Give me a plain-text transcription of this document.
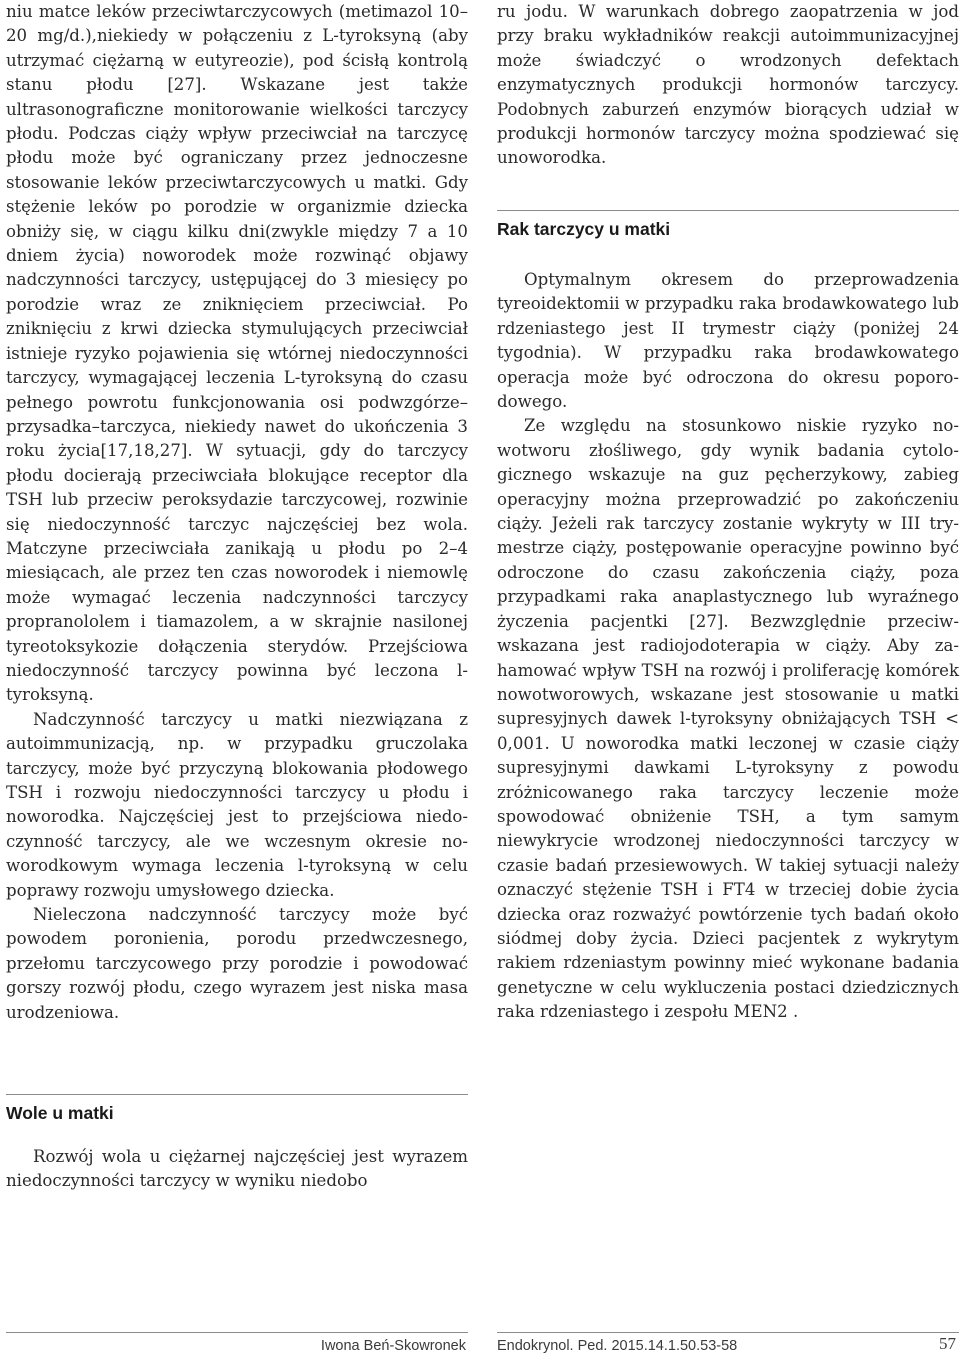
niu matce leków przeciwtarczycowych (metimazol 10–20 mg/d.),niekiedy w połączeniu z L-tyroksyną (aby utrzymać ciężarną w eutyreozie), pod ścisłą kontrolą stanu płodu [27]. Wskazane jest także ultrasonograficzne monitorowanie wielkości tarczycy płodu. Podczas ciąży wpływ przeciwciał na tarczycę płodu może być ograniczany przez jednoczesne stosowanie leków przeciwtarczycowych u matki. Gdy stężenie leków po porodzie w organizmie dziecka obniży się, w ciągu kilku dni(zwykle między 7 a 10 dniem życia) noworodek może rozwinąć objawy nadczynności tarczycy, ustępującej do 3 miesięcy po porodzie wraz ze zniknięciem przeciwciał. Po zniknięciu z krwi dziecka stymulujących przeciwciał istnieje ryzyko pojawienia się wtórnej niedoczynności tarczycy, wymagającej leczenia L-tyroksyną do czasu pełnego powrotu funkcjonowania osi podwzgórze–przysadka–tarczyca, niekiedy nawet do ukończenia 3 roku życia[17,18,27]. W sytuacji, gdy do tarczycy płodu docierają przeciwciała blokujące receptor dla TSH lub przeciw peroksydazie tarczycowej, rozwinie się niedoczynność tarczyc najczęściej bez wola. Matczyne przeciwciała zanikają u płodu po 2–4 miesiącach, ale przez ten czas noworodek i niemowlę może wymagać leczenia nadczynności tarczycy propranololem i tiamazolem, a w skrajnie nasilonej tyreotoksykozie dołączenia sterydów. Przejściowa niedoczynność tarczycy powinna być leczona l-tyroksyną.

Nadczynność tarczycy u matki niezwiązana z autoimmunizacją, np. w przypadku gruczolaka tarczycy, może być przyczyną blokowania płodowego TSH i rozwoju niedoczynności tarczycy u płodu i noworodka. Najczęściej jest to przejściowa niedoczynność tarczycy, ale we wczesnym okresie noworodkowym wymaga leczenia l-tyroksyną w celu poprawy rozwoju umysłowego dziecka.

Nieleczona nadczynność tarczycy może być powodem poronienia, porodu przedwczesnego, przełomu tarczycowego przy porodzie i powodować gorszy rozwój płodu, czego wyrazem jest niska masa urodzeniowa.

ru jodu. W warunkach dobrego zaopatrzenia w jod przy braku wykładników reakcji autoimmunizacyjnej może świadczyć o wrodzonych defektach enzymatycznych produkcji hormonów tarczycy. Podobnych zaburzeń enzymów biorących udział w produkcji hormonów tarczycy można spodziewać się unoworodka.

Rak tarczycy u matki

Optymalnym okresem do przeprowadzenia tyreoidektomii w przypadku raka brodawkowatego lub rdzeniastego jest II trymestr ciąży (poniżej 24 tygodnia). W przypadku raka brodawkowatego operacja może być odroczona do okresu poporodowego.

Ze względu na stosunkowo niskie ryzyko nowotworu złośliwego, gdy wynik badania cytologicznego wskazuje na guz pęcherzykowy, zabieg operacyjny można przeprowadzić po zakończeniu ciąży. Jeżeli rak tarczycy zostanie wykryty w III trymestrze ciąży, postępowanie operacyjne powinno być odroczone do czasu zakończenia ciąży, poza przypadkami raka anaplastycznego lub wyraźnego życzenia pacjentki [27]. Bezwzględnie przeciwwskazana jest radiojodoterapia w ciąży. Aby zahamować wpływ TSH na rozwój i proliferację komórek nowotworowych, wskazane jest stosowanie u matki supresyjnych dawek l-tyroksyny obniżających TSH < 0,001. U noworodka matki leczonej w czasie ciąży supresyjnymi dawkami L-tyroksyny z powodu zróżnicowanego raka tarczycy leczenie może spowodować obniżenie TSH, a tym samym niewykrycie wrodzonej niedoczynności tarczycy w czasie badań przesiewowych. W takiej sytuacji należy oznaczyć stężenie TSH i FT4 w trzeciej dobie życia dziecka oraz rozważyć powtórzenie tych badań około siódmej doby życia. Dzieci pacjentek z wykrytym rakiem rdzeniastym powinny mieć wykonane badania genetyczne w celu wykluczenia postaci dziedzicznych raka rdzeniastego i zespołu MEN2 .

Wole u matki

Rozwój wola u ciężarnej najczęściej jest wyrazem niedoczynności tarczycy w wyniku niedobo

Iwona Beń-Skowronek Endokrynol. Ped. 2015.14.1.50.53-58	57
